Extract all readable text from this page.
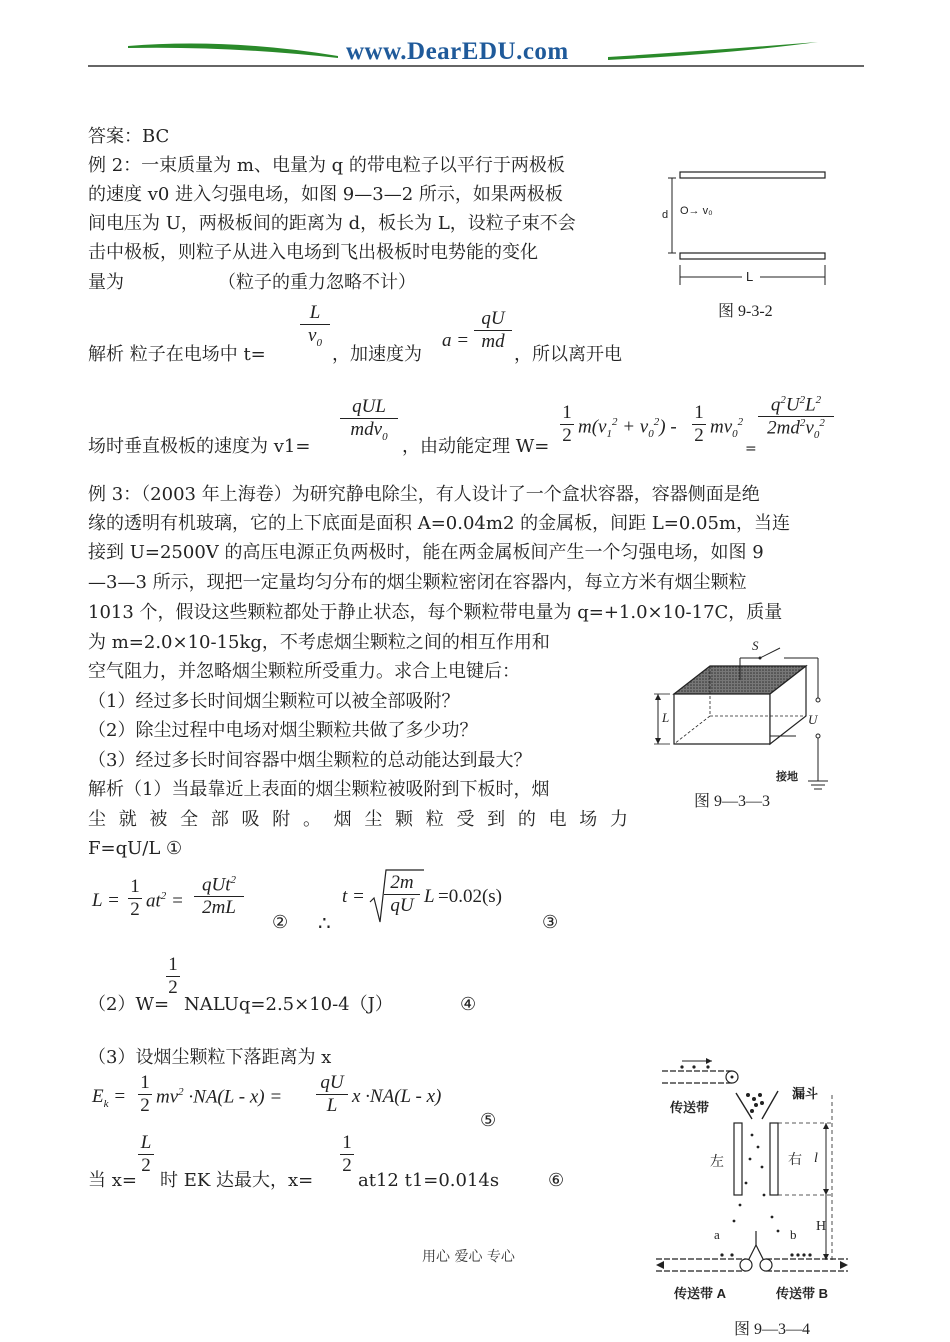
www.DearEDU.com
答案：BC
例 2：一束质量为 m、电量为 q 的带电粒子以平行于两极板
的速度 v0 进入匀强电场，如图 9—3—2 所示，如果两极板
间电压为 U，两极板间的距离为 d，板长为 L，设粒子束不会
击中极板，则粒子从进入电场到飞出极板时电势能的变化
量为	（粒子的重力忽略不计）
d O→ v₀
L
图 9-3-2
解析 粒子在电场中 t=
$\frac{L}{v_0}$
，加速度为
$a = \frac{qU}{md}$
，所以离开电
场时垂直极板的速度为 v1=
qUL
mdv$_0$ ，由动能定理 $W= \frac{1}{2} m(v_1^2 + v_0^2) - \frac{1}{2} mv_0^2$
=
$\frac{q^2U^2L^2}{2md^2v_0^2}$
例 3：（2003 年上海卷）为研究静电除尘，有人设计了一个盒状容器，容器侧面是绝
缘的透明有机玻璃，它的上下底面是面积 A=0.04m2 的金属板，间距 L=0.05m，当连
接到 U=2500V 的高压电源正负两极时，能在两金属板间产生一个匀强电场，如图 9
—3—3 所示，现把一定量均匀分布的烟尘颗粒密闭在容器内，每立方米有烟尘颗粒
1013 个，假设这些颗粒都处于静止状态，每个颗粒带电量为 q=+1.0×10-17C，质量
为 m=2.0×10-15kg，不考虑烟尘颗粒之间的相互作用和
空气阻力，并忽略烟尘颗粒所受重力。求合上电键后：
（1）经过多长时间烟尘颗粒可以被全部吸附？
（2）除尘过程中电场对烟尘颗粒共做了多少功？
（3）经过多长时间容器中烟尘颗粒的总动能达到最大？
解析（1）当最靠近上表面的烟尘颗粒被吸附到下板时，烟
尘就被全部吸附。烟尘颗粒受到的电场力
F=qU/L ①
S
L	U
接地
图 9—3—3
$L = \frac{1}{2} at^2$ =
qUt$^2$
2mL
② ∴
$t = \frac{2m}{qU}$ L =0.02(s)
③
（2）W=
$\frac{1}{2}$
NALUq=2.5×10-4（J）	④
（3）设烟尘颗粒下落距离为 x
$E_k = \frac{1}{2} mv^2 \cdot NA(L - x) = \frac{qU}{L}$ x ·NA(L - x)
⑤
当 x=
$\frac{L}{2}$
时 EK 达最大，x=
$\frac{1}{2}$
at12 t1=0.014s	⑥
传送带
漏斗
左	右 l
H
a	b
传送带 A	传送带 B
图 9—3—4
用心 爱心 专心
